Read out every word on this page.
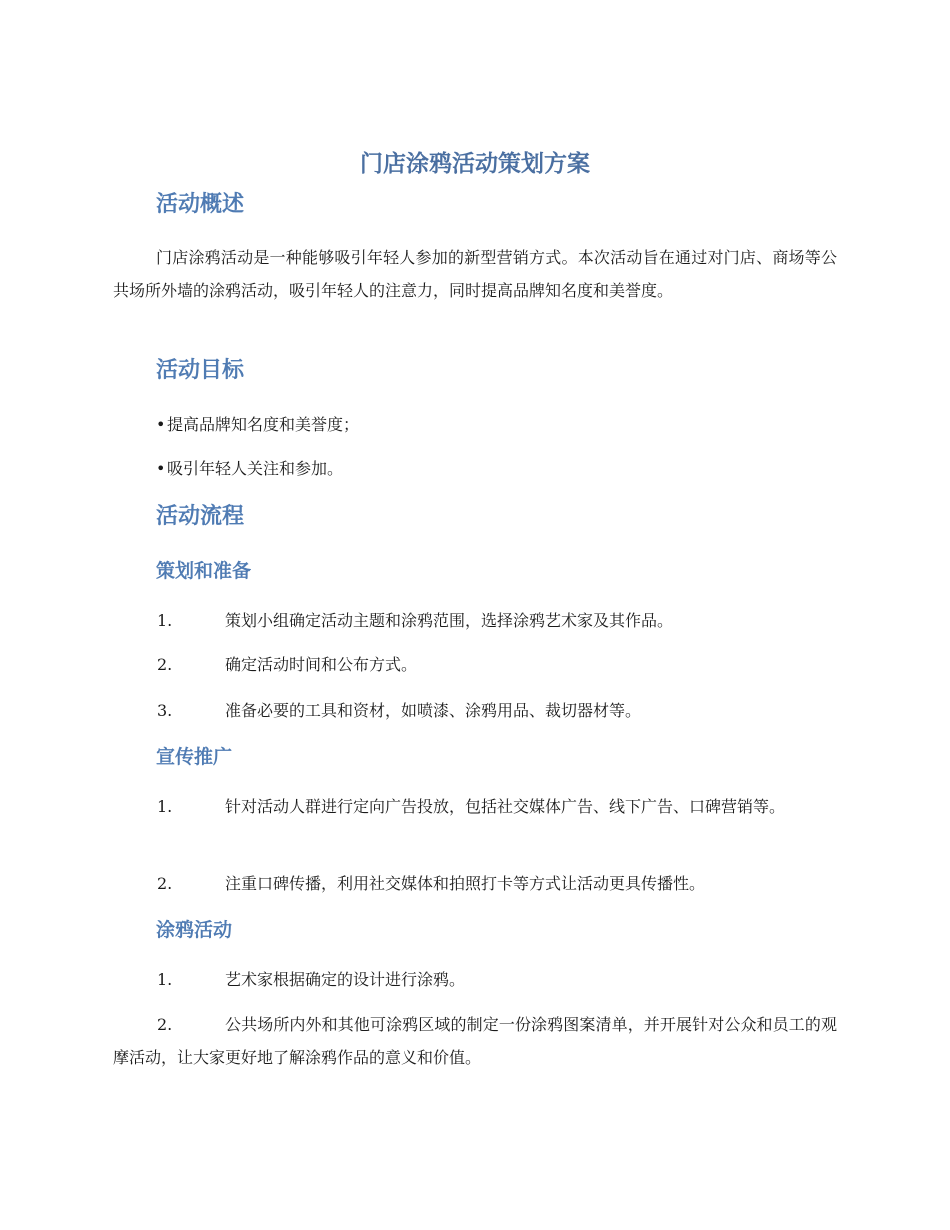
门店涂鸦活动策划方案
活动概述
门店涂鸦活动是一种能够吸引年轻人参加的新型营销方式。本次活动旨在通过对门店、商场等公共场所外墙的涂鸦活动，吸引年轻人的注意力，同时提高品牌知名度和美誉度。
活动目标
•提高品牌知名度和美誉度；
•吸引年轻人关注和参加。
活动流程
策划和准备
1.	策划小组确定活动主题和涂鸦范围，选择涂鸦艺术家及其作品。
2.	确定活动时间和公布方式。
3.	准备必要的工具和资材，如喷漆、涂鸦用品、裁切器材等。
宣传推广
1.	针对活动人群进行定向广告投放，包括社交媒体广告、线下广告、口碑营销等。
2.	注重口碑传播，利用社交媒体和拍照打卡等方式让活动更具传播性。
涂鸦活动
1.	艺术家根据确定的设计进行涂鸦。
2.	公共场所内外和其他可涂鸦区域的制定一份涂鸦图案清单，并开展针对公众和员工的观摩活动，让大家更好地了解涂鸦作品的意义和价值。
